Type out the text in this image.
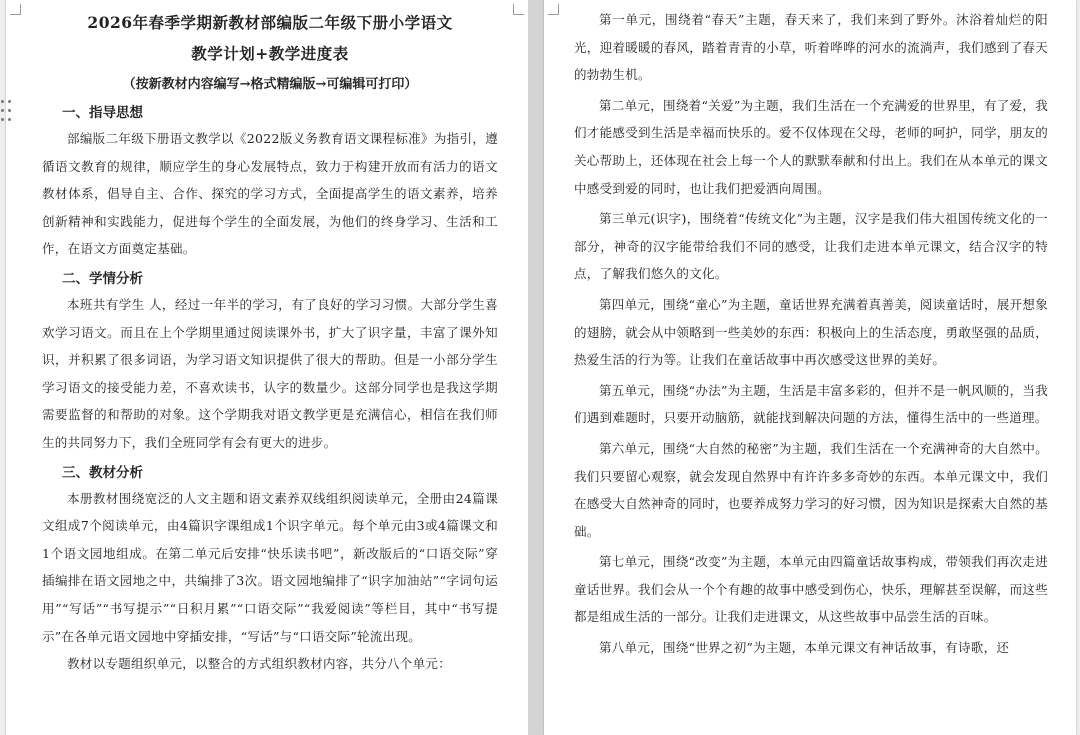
2026年春季学期新教材部编版二年级下册小学语文
教学计划+教学进度表
（按新教材内容编写→格式精编版→可编辑可打印）
一、指导思想

部编版二年级下册语文教学以《2022版义务教育语文课程标准》为指引，遵循语文教育的规律，顺应学生的身心发展特点，致力于构建开放而有活力的语文教材体系，倡导自主、合作、探究的学习方式，全面提高学生的语文素养，培养创新精神和实践能力，促进每个学生的全面发展，为他们的终身学习、生活和工作，在语文方面奠定基础。

二、学情分析

本班共有学生 人，经过一年半的学习，有了良好的学习习惯。大部分学生喜欢学习语文。而且在上个学期里通过阅读课外书，扩大了识字量，丰富了课外知识，并积累了很多词语，为学习语文知识提供了很大的帮助。但是一小部分学生学习语文的接受能力差，不喜欢读书，认字的数量少。这部分同学也是我这学期需要监督的和帮助的对象。这个学期我对语文教学更是充满信心，相信在我们师生的共同努力下，我们全班同学有会有更大的进步。

三、教材分析

本册教材围绕宽泛的人文主题和语文素养双线组织阅读单元，全册由24篇课文组成7个阅读单元，由4篇识字课组成1个识字单元。每个单元由3或4篇课文和1个语文园地组成。在第二单元后安排“快乐读书吧”，新改版后的“口语交际”穿插编排在语文园地之中，共编排了3次。语文园地编排了“识字加油站”“字词句运用”“写话”“书写提示”“日积月累”“口语交际”“我爱阅读”等栏目，其中“书写提示”在各单元语文园地中穿插安排，“写话”与“口语交际”轮流出现。

教材以专题组织单元，以整合的方式组织教材内容，共分八个单元：

第一单元，围绕着“春天”主题，春天来了，我们来到了野外。沐浴着灿烂的阳光，迎着暖暖的春风，踏着青青的小草，听着哗哗的河水的流淌声，我们感到了春天的勃勃生机。

第二单元，围绕着“关爱”为主题，我们生活在一个充满爱的世界里，有了爱，我们才能感受到生活是幸福而快乐的。爱不仅体现在父母，老师的呵护，同学，朋友的关心帮助上，还体现在社会上每一个人的默默奉献和付出上。我们在从本单元的课文中感受到爱的同时，也让我们把爱洒向周围。

第三单元(识字)，围绕着“传统文化”为主题，汉字是我们伟大祖国传统文化的一部分，神奇的汉字能带给我们不同的感受，让我们走进本单元课文，结合汉字的特点，了解我们悠久的文化。

第四单元，围绕“童心”为主题，童话世界充满着真善美，阅读童话时，展开想象的翅膀，就会从中领略到一些美妙的东西：积极向上的生活态度，勇敢坚强的品质，热爱生活的行为等。让我们在童话故事中再次感受这世界的美好。

第五单元，围绕“办法”为主题，生活是丰富多彩的，但并不是一帆风顺的，当我们遇到难题时，只要开动脑筋，就能找到解决问题的方法，懂得生活中的一些道理。

第六单元，围绕“大自然的秘密”为主题，我们生活在一个充满神奇的大自然中。我们只要留心观察，就会发现自然界中有许许多多奇妙的东西。本单元课文中，我们在感受大自然神奇的同时，也要养成努力学习的好习惯，因为知识是探索大自然的基础。

第七单元，围绕“改变”为主题，本单元由四篇童话故事构成，带领我们再次走进童话世界。我们会从一个个有趣的故事中感受到伤心，快乐，理解甚至误解，而这些都是组成生活的一部分。让我们走进课文，从这些故事中品尝生活的百味。

第八单元，围绕“世界之初”为主题，本单元课文有神话故事，有诗歌，还
